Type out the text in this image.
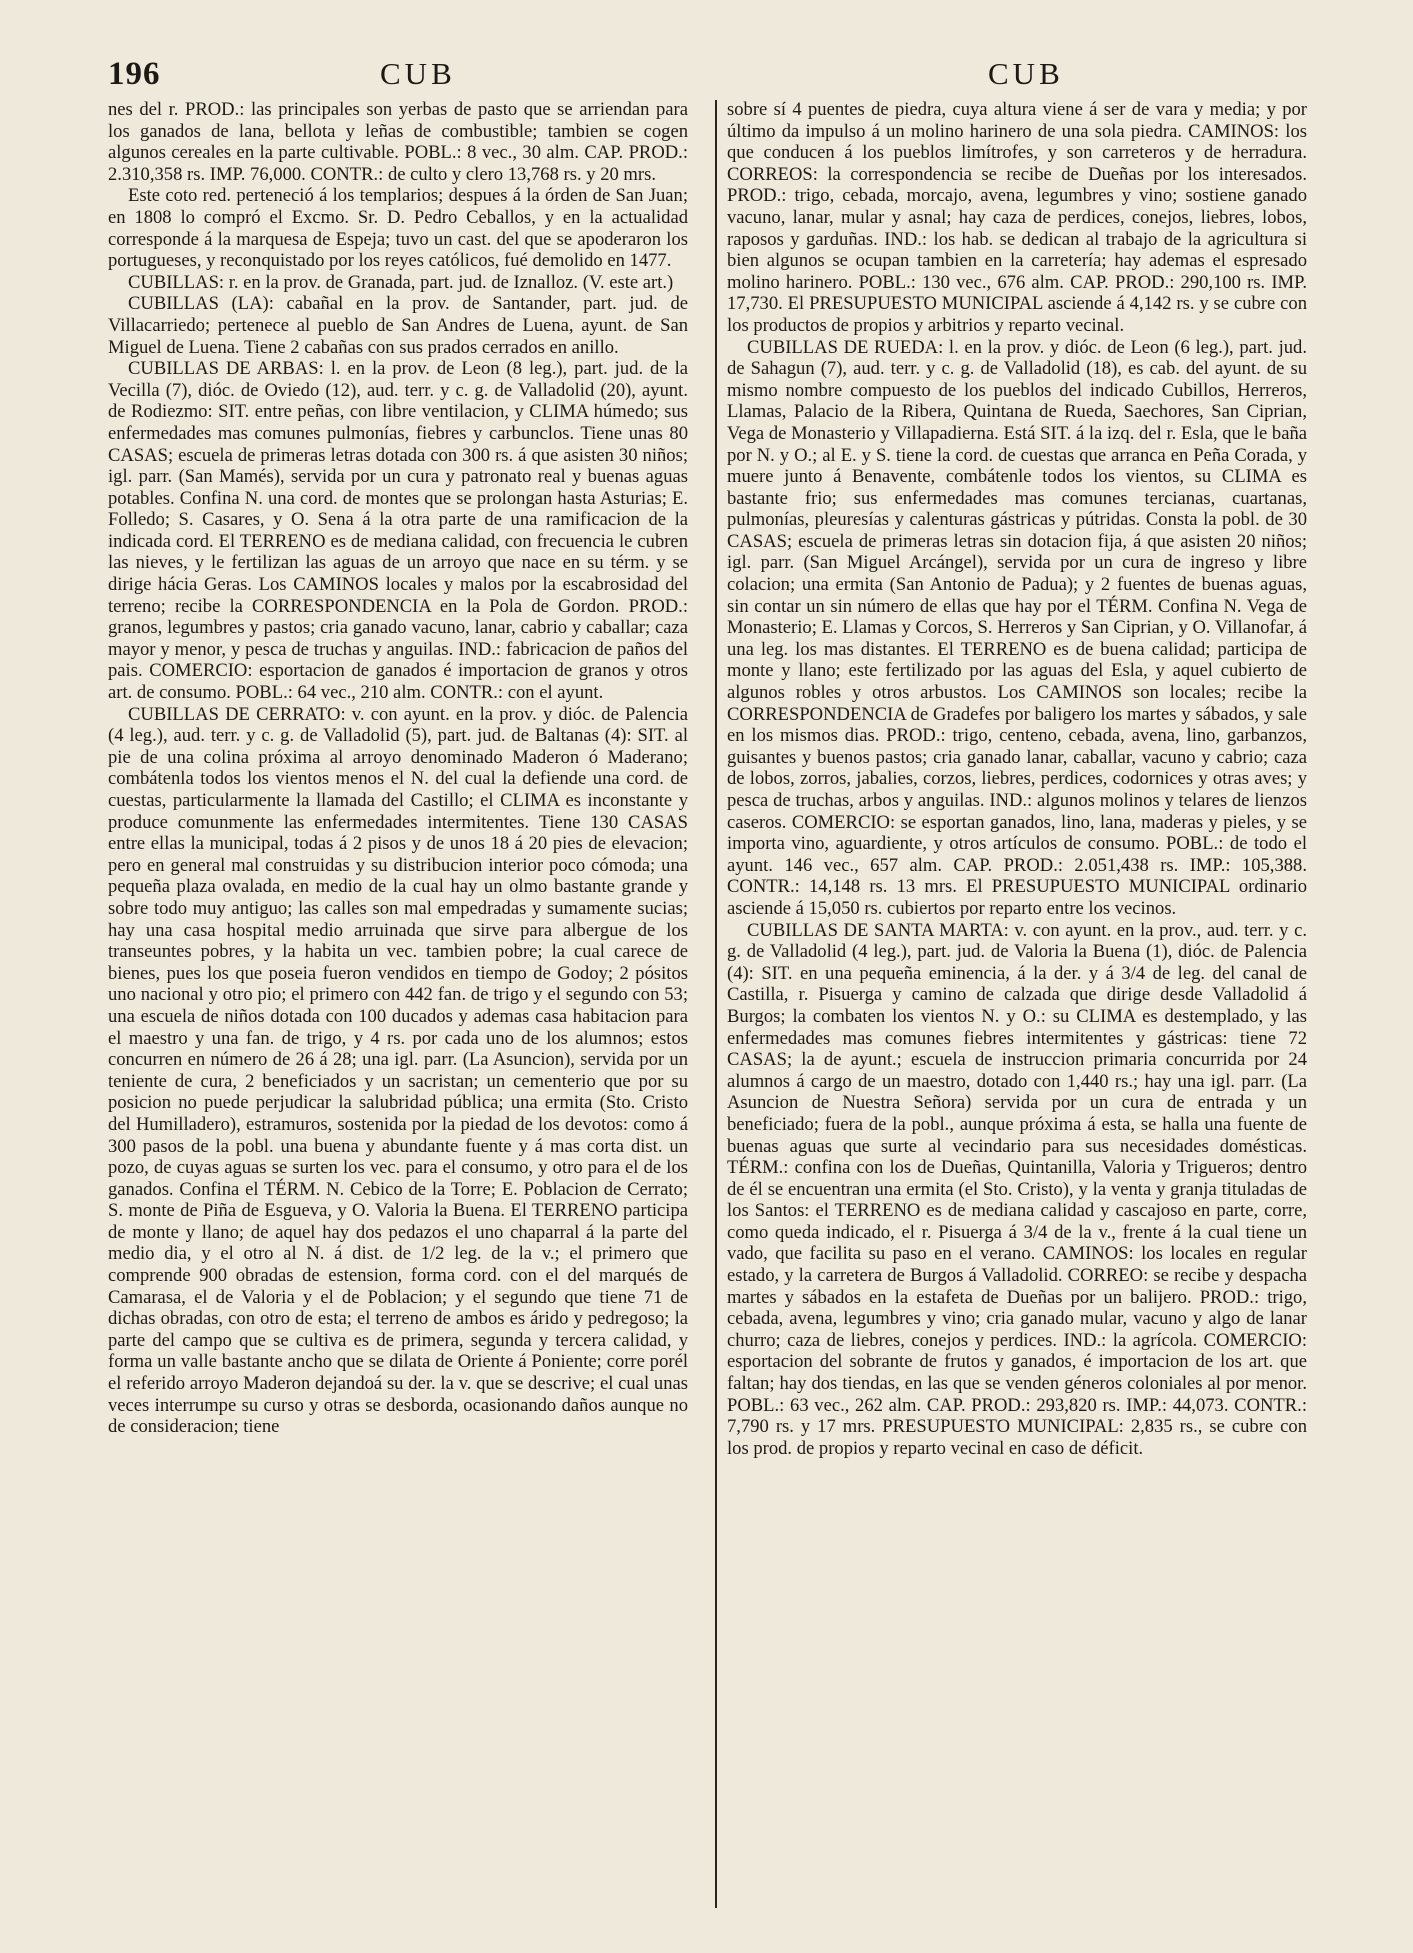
196	CUB	CUB

nes del r. PROD.: las principales son yerbas de pasto que se arriendan para los ganados de lana, bellota y leñas de combustible; tambien se cogen algunos cereales en la parte cultivable. POBL.: 8 vec., 30 alm. CAP. PROD.: 2.310,358 rs. IMP. 76,000. CONTR.: de culto y clero 13,768 rs. y 20 mrs.

Este coto red. perteneció á los templarios; despues á la órden de San Juan; en 1808 lo compró el Excmo. Sr. D. Pedro Ceballos, y en la actualidad corresponde á la marquesa de Espeja; tuvo un cast. del que se apoderaron los portugueses, y reconquistado por los reyes católicos, fué demolido en 1477.

CUBILLAS: r. en la prov. de Granada, part. jud. de Iznalloz. (V. este art.)

CUBILLAS (LA): cabañal en la prov. de Santander, part. jud. de Villacarriedo; pertenece al pueblo de San Andres de Luena, ayunt. de San Miguel de Luena. Tiene 2 cabañas con sus prados cerrados en anillo.

CUBILLAS DE ARBAS: l. en la prov. de Leon (8 leg.), part. jud. de la Vecilla (7), dióc. de Oviedo (12), aud. terr. y c. g. de Valladolid (20), ayunt. de Rodiezmo: SIT. entre peñas, con libre ventilacion, y CLIMA húmedo; sus enfermedades mas comunes pulmonías, fiebres y carbunclos. Tiene unas 80 CASAS; escuela de primeras letras dotada con 300 rs. á que asisten 30 niños; igl. parr. (San Mamés), servida por un cura y patronato real y buenas aguas potables. Confina N. una cord. de montes que se prolongan hasta Asturias; E. Folledo; S. Casares, y O. Sena á la otra parte de una ramificacion de la indicada cord. El TERRENO es de mediana calidad, con frecuencia le cubren las nieves, y le fertilizan las aguas de un arroyo que nace en su térm. y se dirige hácia Geras. Los CAMINOS locales y malos por la escabrosidad del terreno; recibe la CORRESPONDENCIA en la Pola de Gordon. PROD.: granos, legumbres y pastos; cria ganado vacuno, lanar, cabrio y caballar; caza mayor y menor, y pesca de truchas y anguilas. IND.: fabricacion de paños del pais. COMERCIO: esportacion de ganados é importacion de granos y otros art. de consumo. POBL.: 64 vec., 210 alm. CONTR.: con el ayunt.

CUBILLAS DE CERRATO: v. con ayunt. en la prov. y dióc. de Palencia (4 leg.), aud. terr. y c. g. de Valladolid (5), part. jud. de Baltanas (4): SIT. al pie de una colina próxima al arroyo denominado Maderon ó Maderano; combátenla todos los vientos menos el N. del cual la defiende una cord. de cuestas, particularmente la llamada del Castillo; el CLIMA es inconstante y produce comunmente las enfermedades intermitentes. Tiene 130 CASAS entre ellas la municipal, todas á 2 pisos y de unos 18 á 20 pies de elevacion; pero en general mal construidas y su distribucion interior poco cómoda; una pequeña plaza ovalada, en medio de la cual hay un olmo bastante grande y sobre todo muy antiguo; las calles son mal empedradas y sumamente sucias; hay una casa hospital medio arruinada que sirve para albergue de los transeuntes pobres, y la habita un vec. tambien pobre; la cual carece de bienes, pues los que poseia fueron vendidos en tiempo de Godoy; 2 pósitos uno nacional y otro pio; el primero con 442 fan. de trigo y el segundo con 53; una escuela de niños dotada con 100 ducados y ademas casa habitacion para el maestro y una fan. de trigo, y 4 rs. por cada uno de los alumnos; estos concurren en número de 26 á 28; una igl. parr. (La Asuncion), servida por un teniente de cura, 2 beneficiados y un sacristan; un cementerio que por su posicion no puede perjudicar la salubridad pública; una ermita (Sto. Cristo del Humilladero), estramuros, sostenida por la piedad de los devotos: como á 300 pasos de la pobl. una buena y abundante fuente y á mas corta dist. un pozo, de cuyas aguas se surten los vec. para el consumo, y otro para el de los ganados. Confina el TÉRM. N. Cebico de la Torre; E. Poblacion de Cerrato; S. monte de Piña de Esgueva, y O. Valoria la Buena. El TERRENO participa de monte y llano; de aquel hay dos pedazos el uno chaparral á la parte del medio dia, y el otro al N. á dist. de 1/2 leg. de la v.; el primero que comprende 900 obradas de estension, forma cord. con el del marqués de Camarasa, el de Valoria y el de Poblacion; y el segundo que tiene 71 de dichas obradas, con otro de esta; el terreno de ambos es árido y pedregoso; la parte del campo que se cultiva es de primera, segunda y tercera calidad, y forma un valle bastante ancho que se dilata de Oriente á Poniente; corre porél el referido arroyo Maderon dejandoá su der. la v. que se descrive; el cual unas veces interrumpe su curso y otras se desborda, ocasionando daños aunque no de consideracion; tiene

sobre sí 4 puentes de piedra, cuya altura viene á ser de vara y media; y por último da impulso á un molino harinero de una sola piedra. CAMINOS: los que conducen á los pueblos limítrofes, y son carreteros y de herradura. CORREOS: la correspondencia se recibe de Dueñas por los interesados. PROD.: trigo, cebada, morcajo, avena, legumbres y vino; sostiene ganado vacuno, lanar, mular y asnal; hay caza de perdices, conejos, liebres, lobos, raposos y garduñas. IND.: los hab. se dedican al trabajo de la agricultura si bien algunos se ocupan tambien en la carretería; hay ademas el espresado molino harinero. POBL.: 130 vec., 676 alm. CAP. PROD.: 290,100 rs. IMP. 17,730. El PRESUPUESTO MUNICIPAL asciende á 4,142 rs. y se cubre con los productos de propios y arbitrios y reparto vecinal.

CUBILLAS DE RUEDA: l. en la prov. y dióc. de Leon (6 leg.), part. jud. de Sahagun (7), aud. terr. y c. g. de Valladolid (18), es cab. del ayunt. de su mismo nombre compuesto de los pueblos del indicado Cubillos, Herreros, Llamas, Palacio de la Ribera, Quintana de Rueda, Saechores, San Ciprian, Vega de Monasterio y Villapadierna. Está SIT. á la izq. del r. Esla, que le baña por N. y O.; al E. y S. tiene la cord. de cuestas que arranca en Peña Corada, y muere junto á Benavente, combátenle todos los vientos, su CLIMA es bastante frio; sus enfermedades mas comunes tercianas, cuartanas, pulmonías, pleuresías y calenturas gástricas y pútridas. Consta la pobl. de 30 CASAS; escuela de primeras letras sin dotacion fija, á que asisten 20 niños; igl. parr. (San Miguel Arcángel), servida por un cura de ingreso y libre colacion; una ermita (San Antonio de Padua); y 2 fuentes de buenas aguas, sin contar un sin número de ellas que hay por el TÉRM. Confina N. Vega de Monasterio; E. Llamas y Corcos, S. Herreros y San Ciprian, y O. Villanofar, á una leg. los mas distantes. El TERRENO es de buena calidad; participa de monte y llano; este fertilizado por las aguas del Esla, y aquel cubierto de algunos robles y otros arbustos. Los CAMINOS son locales; recibe la CORRESPONDENCIA de Gradefes por baligero los martes y sábados, y sale en los mismos dias. PROD.: trigo, centeno, cebada, avena, lino, garbanzos, guisantes y buenos pastos; cria ganado lanar, caballar, vacuno y cabrio; caza de lobos, zorros, jabalies, corzos, liebres, perdices, codornices y otras aves; y pesca de truchas, arbos y anguilas. IND.: algunos molinos y telares de lienzos caseros. COMERCIO: se esportan ganados, lino, lana, maderas y pieles, y se importa vino, aguardiente, y otros artículos de consumo. POBL.: de todo el ayunt. 146 vec., 657 alm. CAP. PROD.: 2.051,438 rs. IMP.: 105,388. CONTR.: 14,148 rs. 13 mrs. El PRESUPUESTO MUNICIPAL ordinario asciende á 15,050 rs. cubiertos por reparto entre los vecinos.

CUBILLAS DE SANTA MARTA: v. con ayunt. en la prov., aud. terr. y c. g. de Valladolid (4 leg.), part. jud. de Valoria la Buena (1), dióc. de Palencia (4): SIT. en una pequeña eminencia, á la der. y á 3/4 de leg. del canal de Castilla, r. Pisuerga y camino de calzada que dirige desde Valladolid á Burgos; la combaten los vientos N. y O.: su CLIMA es destemplado, y las enfermedades mas comunes fiebres intermitentes y gástricas: tiene 72 CASAS; la de ayunt.; escuela de instruccion primaria concurrida por 24 alumnos á cargo de un maestro, dotado con 1,440 rs.; hay una igl. parr. (La Asuncion de Nuestra Señora) servida por un cura de entrada y un beneficiado; fuera de la pobl., aunque próxima á esta, se halla una fuente de buenas aguas que surte al vecindario para sus necesidades domésticas. TÉRM.: confina con los de Dueñas, Quintanilla, Valoria y Trigueros; dentro de él se encuentran una ermita (el Sto. Cristo), y la venta y granja tituladas de los Santos: el TERRENO es de mediana calidad y cascajoso en parte, corre, como queda indicado, el r. Pisuerga á 3/4 de la v., frente á la cual tiene un vado, que facilita su paso en el verano. CAMINOS: los locales en regular estado, y la carretera de Burgos á Valladolid. CORREO: se recibe y despacha martes y sábados en la estafeta de Dueñas por un balijero. PROD.: trigo, cebada, avena, legumbres y vino; cria ganado mular, vacuno y algo de lanar churro; caza de liebres, conejos y perdices. IND.: la agrícola. COMERCIO: esportacion del sobrante de frutos y ganados, é importacion de los art. que faltan; hay dos tiendas, en las que se venden géneros coloniales al por menor. POBL.: 63 vec., 262 alm. CAP. PROD.: 293,820 rs. IMP.: 44,073. CONTR.: 7,790 rs. y 17 mrs. PRESUPUESTO MUNICIPAL: 2,835 rs., se cubre con los prod. de propios y reparto vecinal en caso de déficit.
